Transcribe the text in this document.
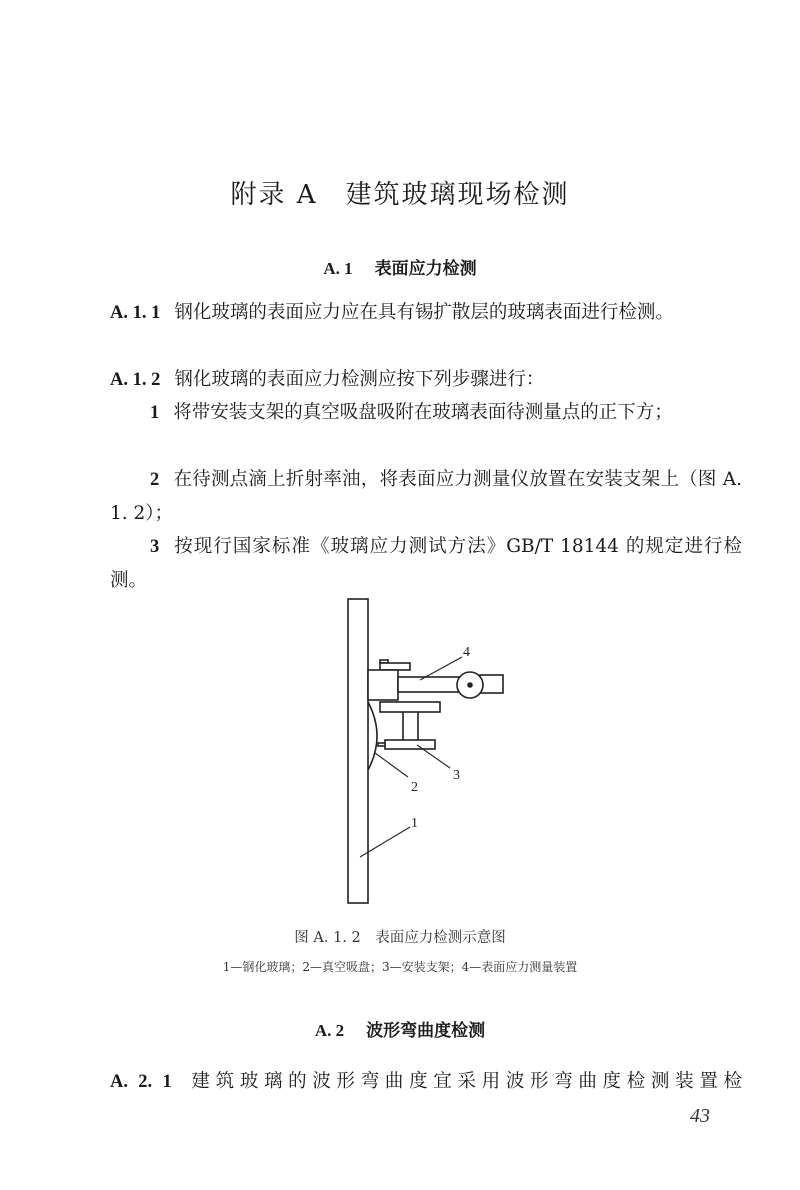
附录 A　建筑玻璃现场检测
A. 1 表面应力检测
A. 1. 1 钢化玻璃的表面应力应在具有锡扩散层的玻璃表面进行检测。
A. 1. 2 钢化玻璃的表面应力检测应按下列步骤进行：
1 将带安装支架的真空吸盘吸附在玻璃表面待测量点的正下方；
2 在待测点滴上折射率油，将表面应力测量仪放置在安装支架上（图 A. 1. 2）；
3 按现行国家标准《玻璃应力测试方法》GB/T 18144 的规定进行检测。
4
3
2
1
图 A. 1. 2　表面应力检测示意图
1—钢化玻璃；2—真空吸盘；3—安装支架；4—表面应力测量装置
A. 2 波形弯曲度检测
A. 2. 1 建筑玻璃的波形弯曲度宜采用波形弯曲度检测装置检
43
